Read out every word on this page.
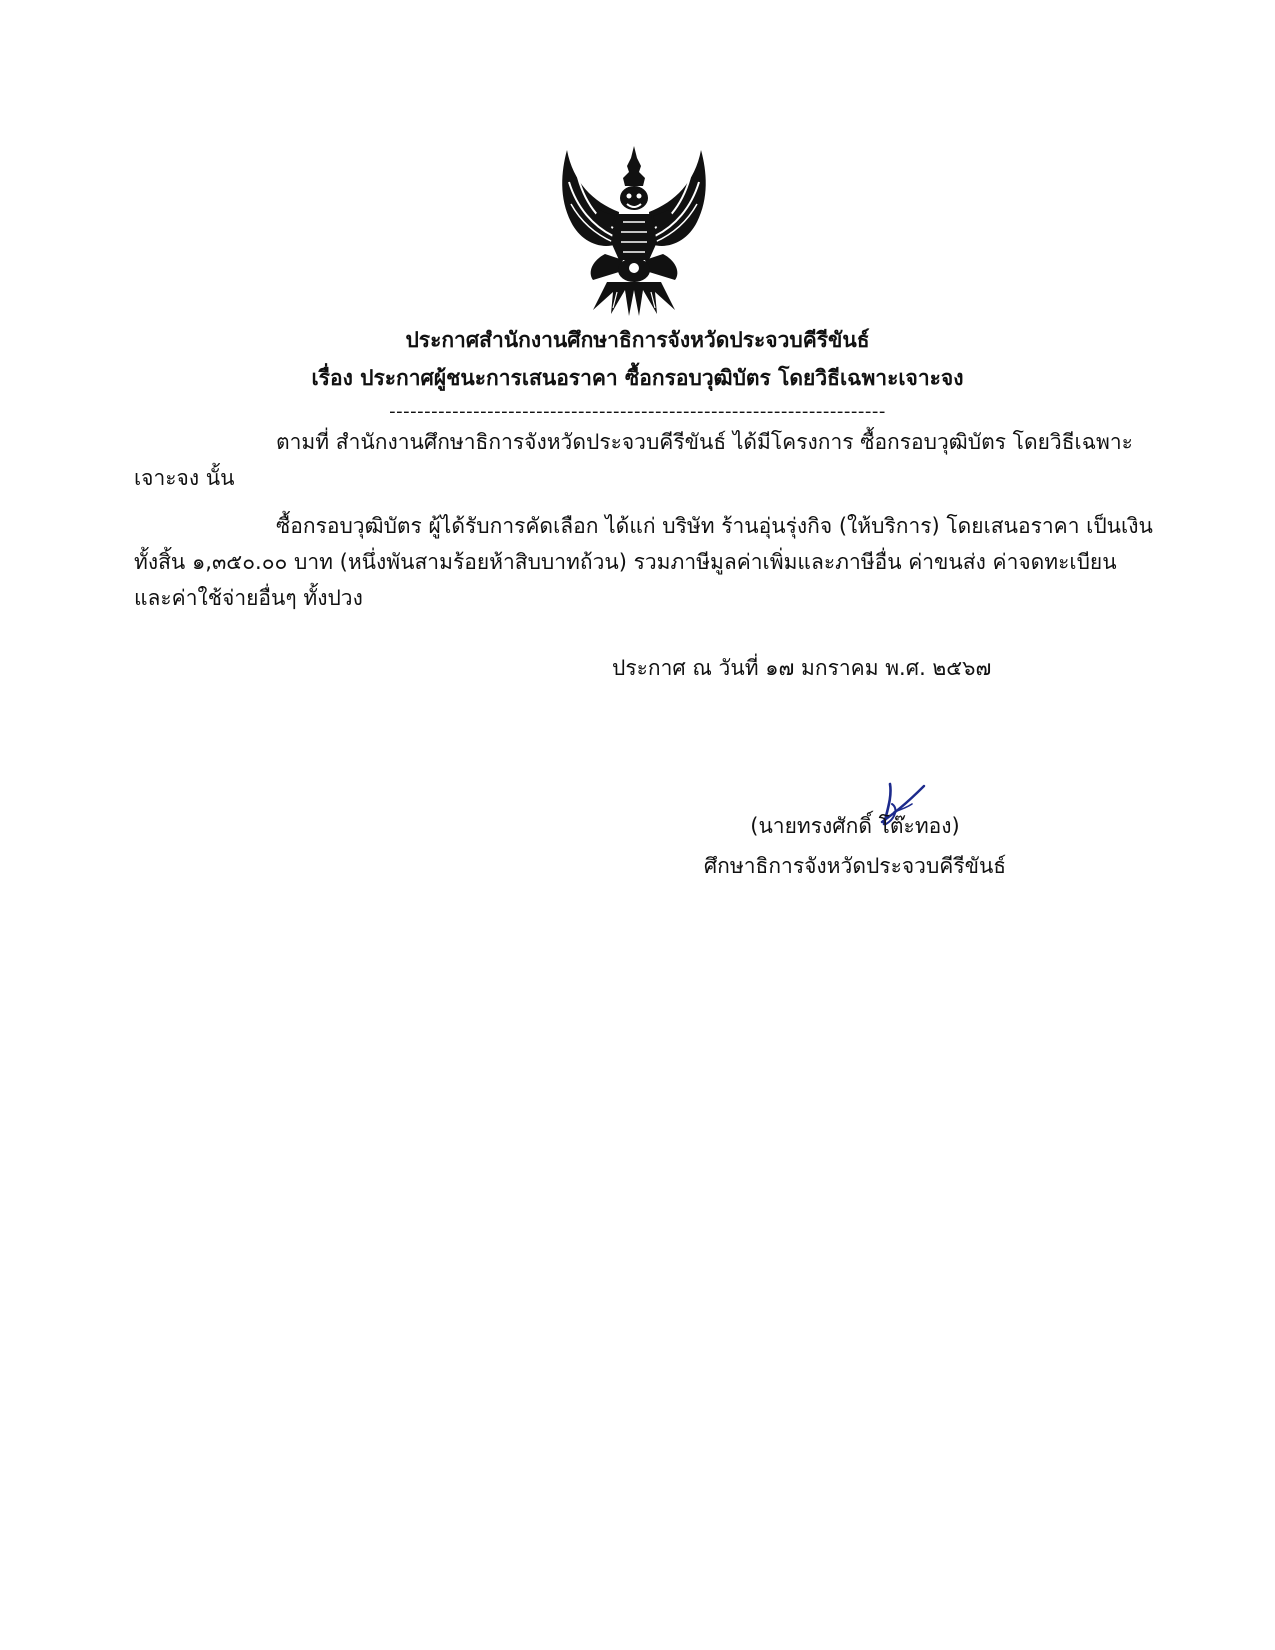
ประกาศสำนักงานศึกษาธิการจังหวัดประจวบคีรีขันธ์
เรื่อง ประกาศผู้ชนะการเสนอราคา ซื้อกรอบวุฒิบัตร โดยวิธีเฉพาะเจาะจง
-----------------------------------------------------------------------
ตามที่ สำนักงานศึกษาธิการจังหวัดประจวบคีรีขันธ์ ได้มีโครงการ ซื้อกรอบวุฒิบัตร โดยวิธีเฉพาะ
เจาะจง นั้น
ซื้อกรอบวุฒิบัตร ผู้ได้รับการคัดเลือก ได้แก่ บริษัท ร้านอุ่นรุ่งกิจ (ให้บริการ) โดยเสนอราคา เป็นเงิน
ทั้งสิ้น ๑,๓๕๐.๐๐ บาท (หนึ่งพันสามร้อยห้าสิบบาทถ้วน) รวมภาษีมูลค่าเพิ่มและภาษีอื่น ค่าขนส่ง ค่าจดทะเบียน
และค่าใช้จ่ายอื่นๆ ทั้งปวง
ประกาศ ณ วันที่ ๑๗ มกราคม พ.ศ. ๒๕๖๗
(นายทรงศักดิ์ โต๊ะทอง)
ศึกษาธิการจังหวัดประจวบคีรีขันธ์
